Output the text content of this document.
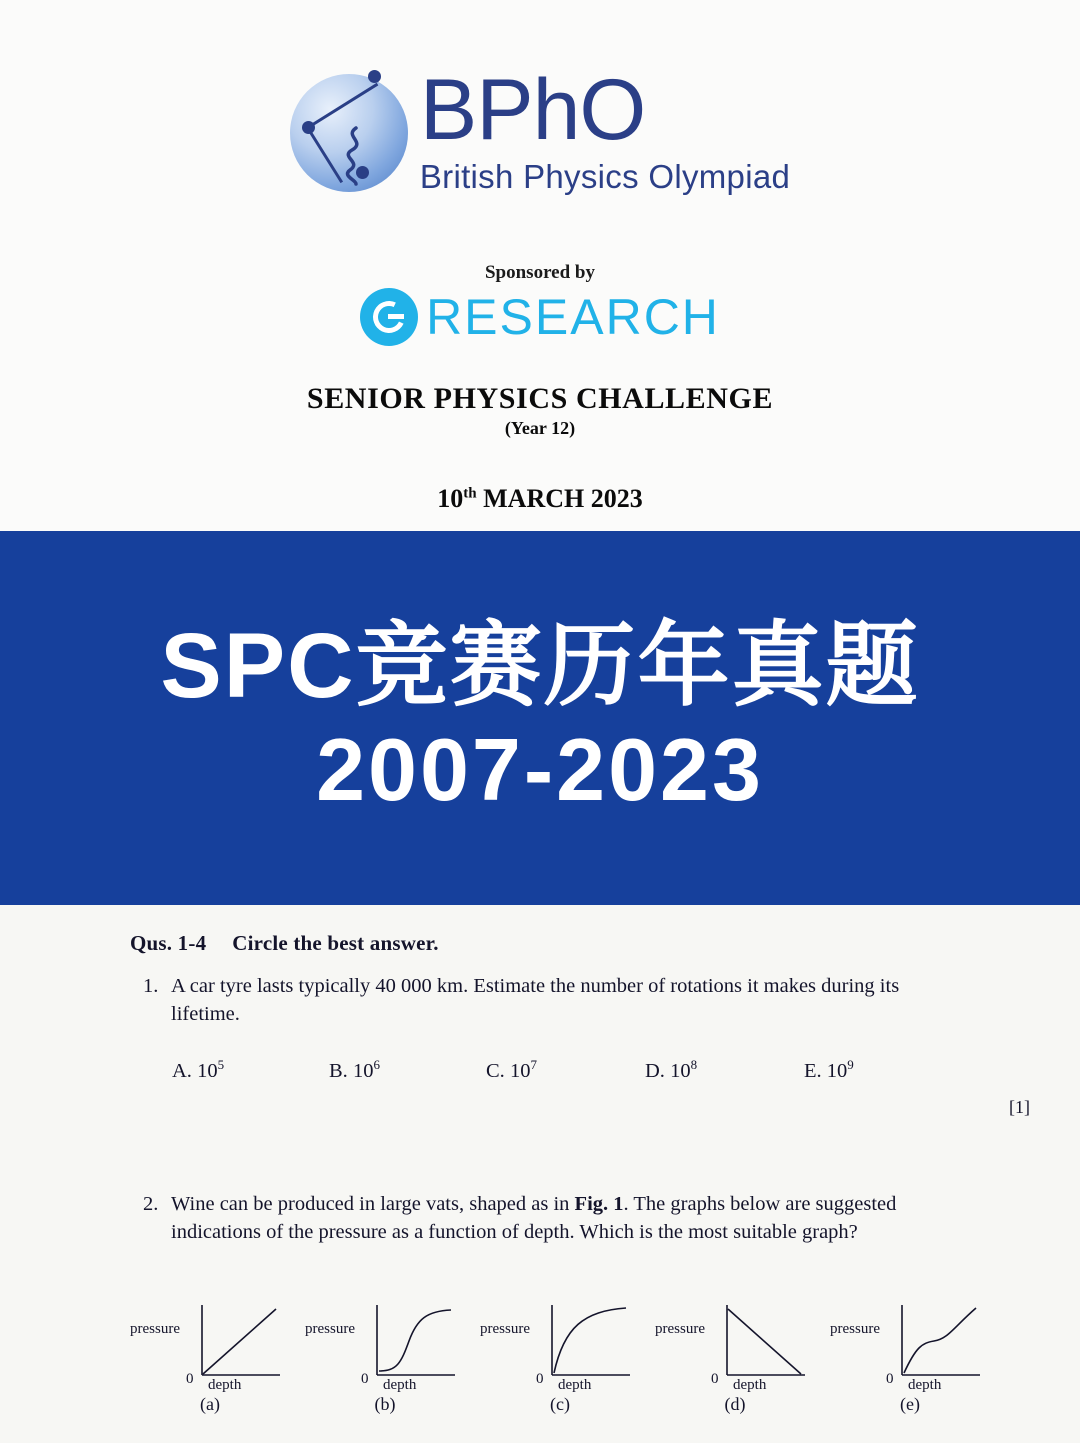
BPhO
British Physics Olympiad
Sponsored by
RESEARCH
SENIOR PHYSICS CHALLENGE
(Year 12)
10th MARCH 2023
SPC竞赛历年真题
2007-2023
Qus. 1-4 Circle the best answer.
1. A car tyre lasts typically 40 000 km. Estimate the number of rotations it makes during its lifetime.
A. $10^5$	B. $10^6$	C. $10^7$	D. $10^8$	E. $10^9$
[1]
2. Wine can be produced in large vats, shaped as in Fig. 1. The graphs below are suggested indications of the pressure as a function of depth. Which is the most suitable graph?
pressure
0 depth
(a)
pressure
0 depth
(b)
pressure
0 depth
(c)
pressure
0 depth
(d)
pressure
0 depth
(e)
